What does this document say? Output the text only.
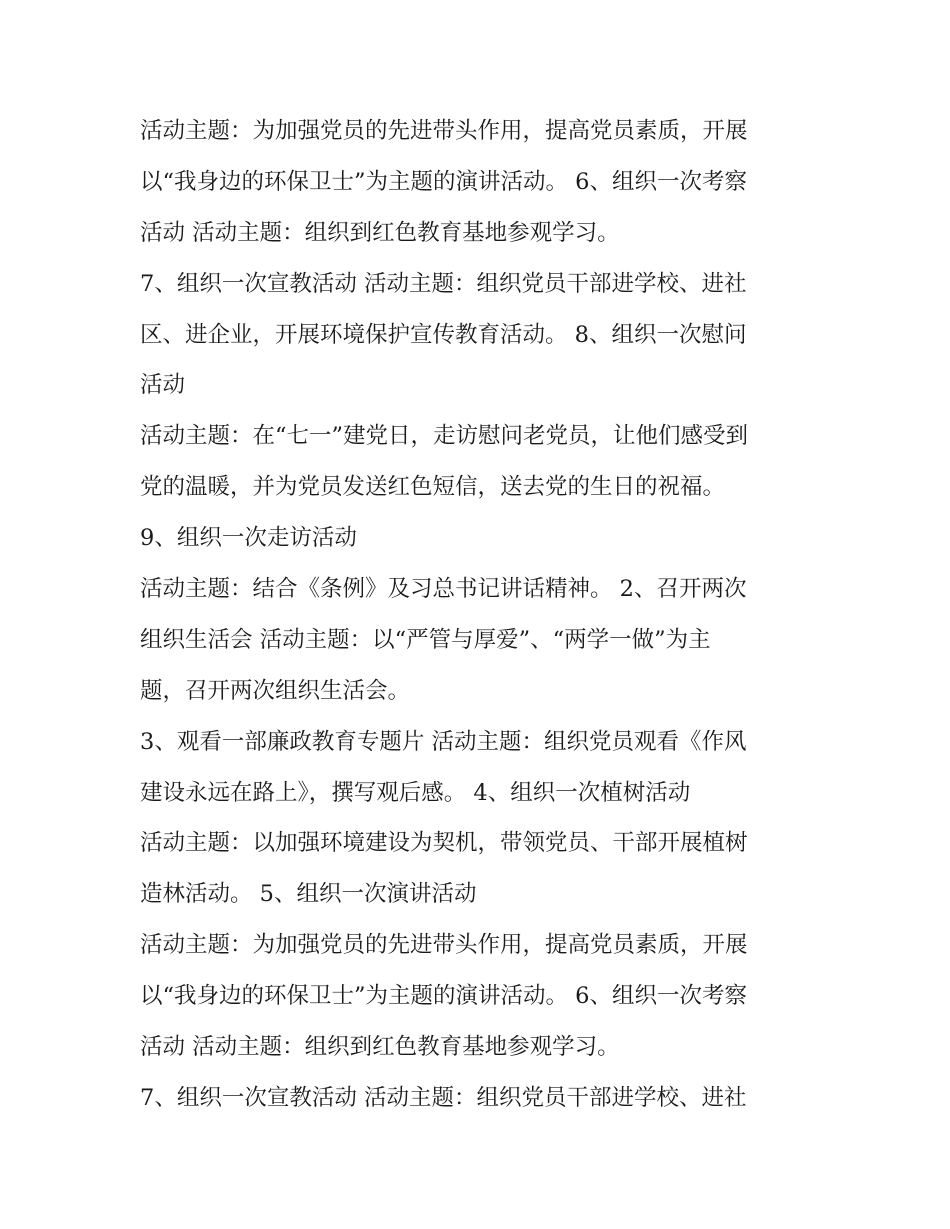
活动主题：为加强党员的先进带头作用，提高党员素质，开展
以“我身边的环保卫士”为主题的演讲活动。 6、组织一次考察
活动 活动主题：组织到红色教育基地参观学习。
7、组织一次宣教活动 活动主题：组织党员干部进学校、进社
区、进企业，开展环境保护宣传教育活动。 8、组织一次慰问
活动
活动主题：在“七一”建党日，走访慰问老党员，让他们感受到
党的温暖，并为党员发送红色短信，送去党的生日的祝福。
9、组织一次走访活动
活动主题：结合《条例》及习总书记讲话精神。 2、召开两次
组织生活会 活动主题：以“严管与厚爱”、“两学一做”为主
题，召开两次组织生活会。
3、观看一部廉政教育专题片 活动主题：组织党员观看《作风
建设永远在路上》，撰写观后感。 4、组织一次植树活动
活动主题：以加强环境建设为契机，带领党员、干部开展植树
造林活动。 5、组织一次演讲活动
活动主题：为加强党员的先进带头作用，提高党员素质，开展
以“我身边的环保卫士”为主题的演讲活动。 6、组织一次考察
活动 活动主题：组织到红色教育基地参观学习。
7、组织一次宣教活动 活动主题：组织党员干部进学校、进社
